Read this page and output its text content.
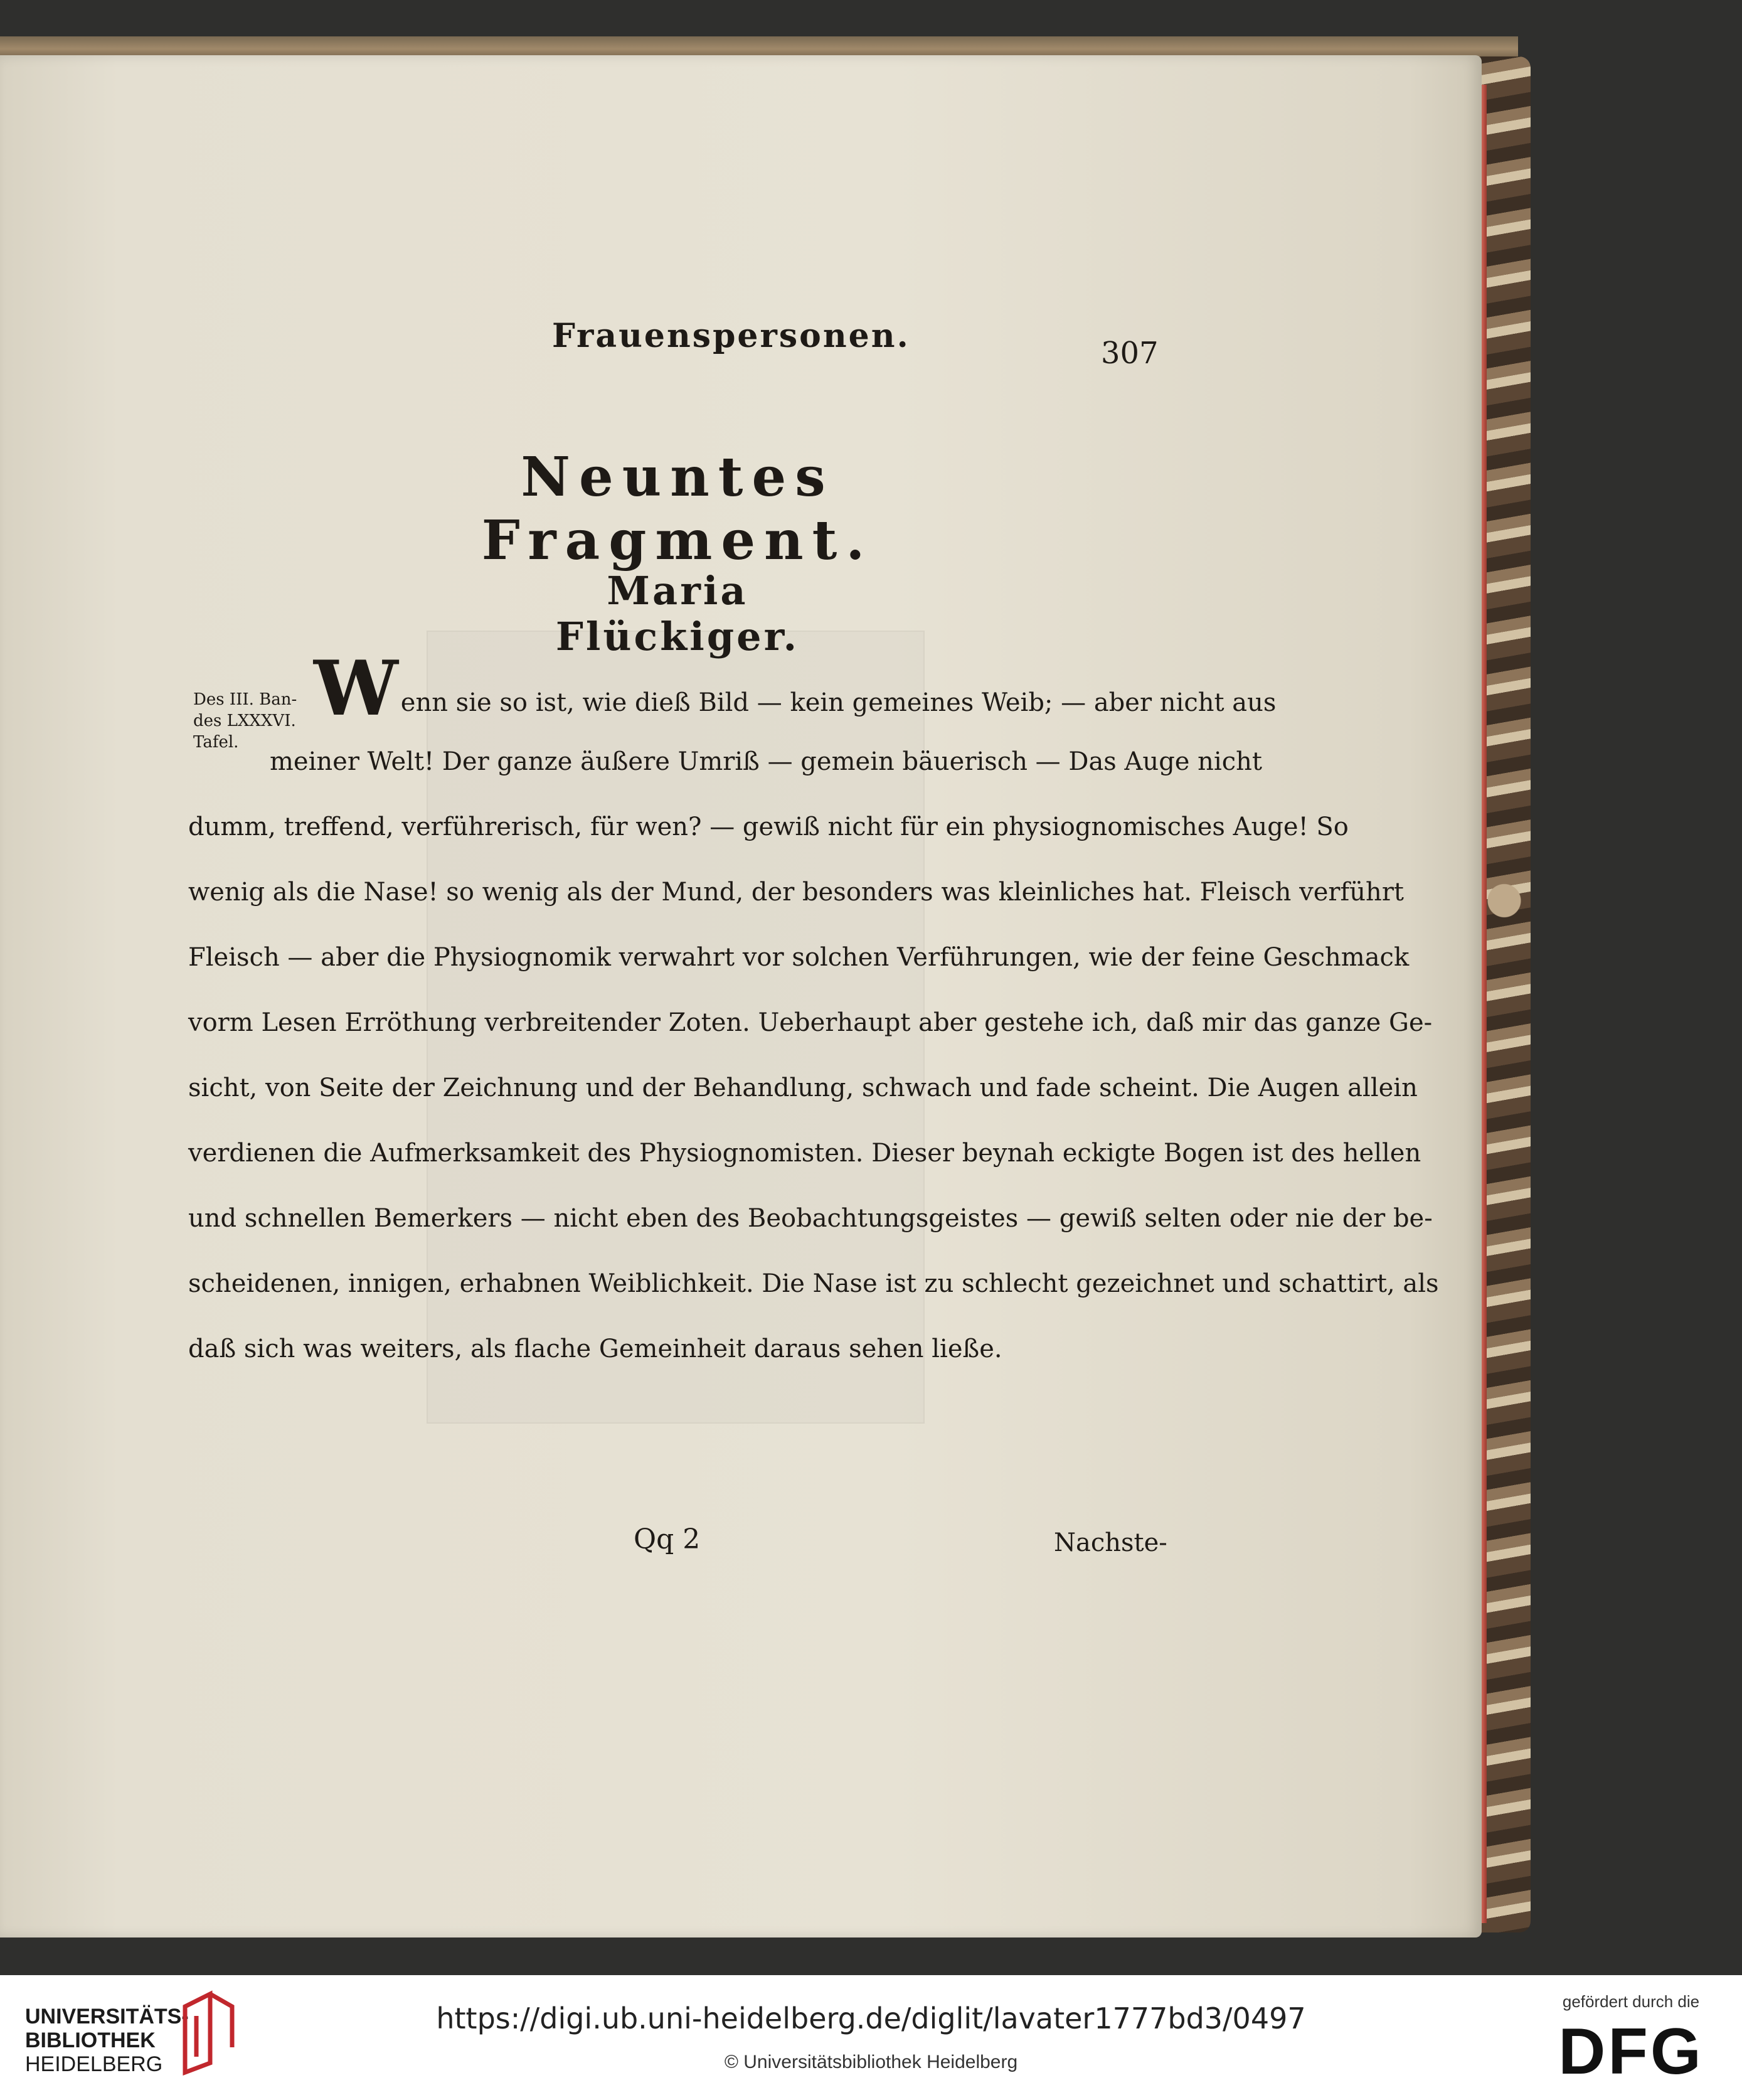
Frauenspersonen.	307
Neuntes Fragment.
Maria Flückiger.
Des III. Ban-
des LXXXVI.
Tafel.
Wenn sie so ist, wie dieß Bild — kein gemeines Weib; — aber nicht aus
meiner Welt! Der ganze äußere Umriß — gemein bäuerisch — Das Auge nicht
dumm, treffend, verführerisch, für wen? — gewiß nicht für ein physiognomisches Auge! So
wenig als die Nase! so wenig als der Mund, der besonders was kleinliches hat. Fleisch verführt
Fleisch — aber die Physiognomik verwahrt vor solchen Verführungen, wie der feine Geschmack
vorm Lesen Erröthung verbreitender Zoten. Ueberhaupt aber gestehe ich, daß mir das ganze Ge-
sicht, von Seite der Zeichnung und der Behandlung, schwach und fade scheint. Die Augen allein
verdienen die Aufmerksamkeit des Physiognomisten. Dieser beynah eckigte Bogen ist des hellen
und schnellen Bemerkers — nicht eben des Beobachtungsgeistes — gewiß selten oder nie der be-
scheidenen, innigen, erhabnen Weiblichkeit. Die Nase ist zu schlecht gezeichnet und schattirt, als
daß sich was weiters, als flache Gemeinheit daraus sehen ließe.
Qq 2	Nachste-
UNIVERSITÄTS-
BIBLIOTHEK
HEIDELBERG
https://digi.ub.uni-heidelberg.de/diglit/lavater1777bd3/0497
© Universitätsbibliothek Heidelberg
gefördert durch die
DFG
